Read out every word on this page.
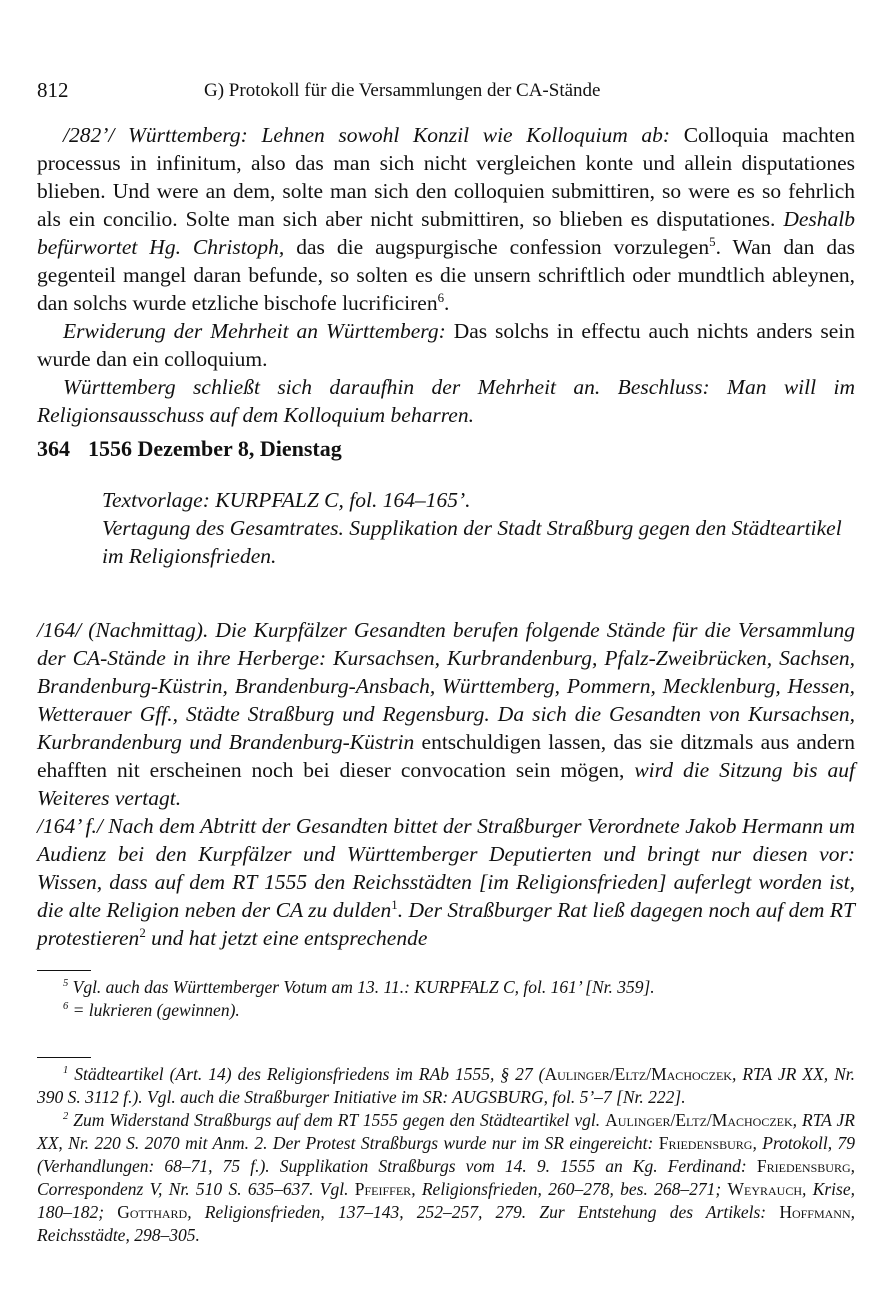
812	G) Protokoll für die Versammlungen der CA-Stände

/282’/ Württemberg: Lehnen sowohl Konzil wie Kolloquium ab: Colloquia machten processus in infinitum, also das man sich nicht vergleichen konte und allein disputationes blieben. Und were an dem, solte man sich den colloquien submittiren, so were es so fehrlich als ein concilio. Solte man sich aber nicht submittiren, so blieben es disputationes. Deshalb befürwortet Hg. Christoph, das die augspurgische confession vorzulegen$^5$. Wan dan das gegenteil mangel daran befunde, so solten es die unsern schriftlich oder mundtlich ableynen, dan solchs wurde etzliche bischofe lucrificiren$^6$.

Erwiderung der Mehrheit an Württemberg: Das solchs in effectu auch nichts anders sein wurde dan ein colloquium.

Württemberg schließt sich daraufhin der Mehrheit an. Beschluss: Man will im Religionsausschuss auf dem Kolloquium beharren.

364 1556 Dezember 8, Dienstag

Textvorlage: KURPFALZ C, fol. 164–165’.

Vertagung des Gesamtrates. Supplikation der Stadt Straßburg gegen den Städteartikel im Religionsfrieden.

/164/ (Nachmittag). Die Kurpfälzer Gesandten berufen folgende Stände für die Versammlung der CA-Stände in ihre Herberge: Kursachsen, Kurbrandenburg, Pfalz-Zweibrücken, Sachsen, Brandenburg-Küstrin, Brandenburg-Ansbach, Württemberg, Pommern, Mecklenburg, Hessen, Wetterauer Gff., Städte Straßburg und Regensburg. Da sich die Gesandten von Kursachsen, Kurbrandenburg und Brandenburg-Küstrin entschuldigen lassen, das sie ditzmals aus andern ehafften nit erscheinen noch bei dieser convocation sein mögen, wird die Sitzung bis auf Weiteres vertagt.

/164’ f./ Nach dem Abtritt der Gesandten bittet der Straßburger Verordnete Jakob Hermann um Audienz bei den Kurpfälzer und Württemberger Deputierten und bringt nur diesen vor: Wissen, dass auf dem RT 1555 den Reichsstädten [im Religionsfrieden] auferlegt worden ist, die alte Religion neben der CA zu dulden$^1$. Der Straßburger Rat ließ dagegen noch auf dem RT protestieren$^2$ und hat jetzt eine entsprechende

$^5$ Vgl. auch das Württemberger Votum am 13. 11.: KURPFALZ C, fol. 161’ [Nr. 359].

$^6$ = lukrieren (gewinnen).

$^1$ Städteartikel (Art. 14) des Religionsfriedens im RAb 1555, § 27 (Aulinger/Eltz/Machoczek, RTA JR XX, Nr. 390 S. 3112 f.). Vgl. auch die Straßburger Initiative im SR: AUGSBURG, fol. 5’–7 [Nr. 222].

$^2$ Zum Widerstand Straßburgs auf dem RT 1555 gegen den Städteartikel vgl. Aulinger/Eltz/Machoczek, RTA JR XX, Nr. 220 S. 2070 mit Anm. 2. Der Protest Straßburgs wurde nur im SR eingereicht: Friedensburg, Protokoll, 79 (Verhandlungen: 68–71, 75 f.). Supplikation Straßburgs vom 14. 9. 1555 an Kg. Ferdinand: Friedensburg, Correspondenz V, Nr. 510 S. 635–637. Vgl. Pfeiffer, Religionsfrieden, 260–278, bes. 268–271; Weyrauch, Krise, 180–182; Gotthard, Religionsfrieden, 137–143, 252–257, 279. Zur Entstehung des Artikels: Hoffmann, Reichsstädte, 298–305.
